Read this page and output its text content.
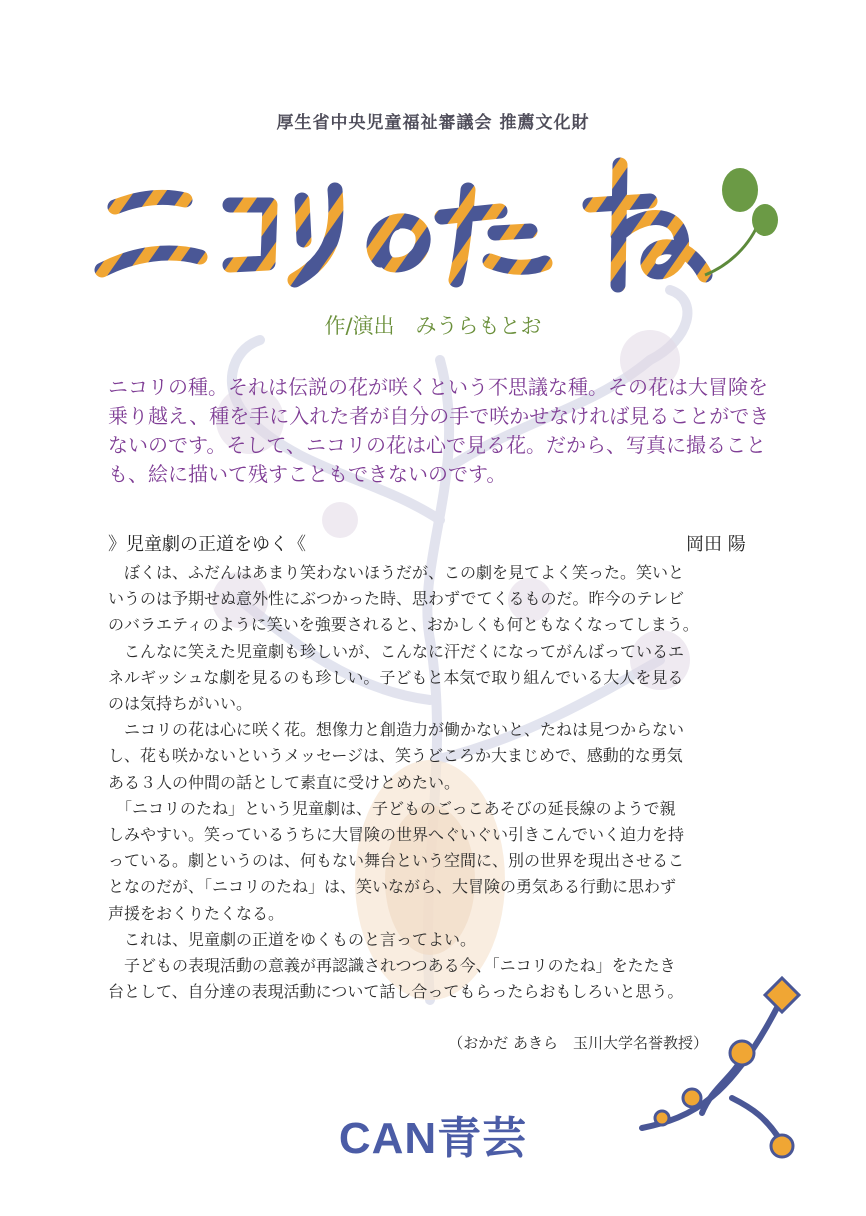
厚生省中央児童福祉審議会 推薦文化財
作/演出　みうらもとお
ニコリの種。それは伝説の花が咲くという不思議な種。その花は大冒険を
乗り越え、種を手に入れた者が自分の手で咲かせなければ見ることができ
ないのです。そして、ニコリの花は心で見る花。だから、写真に撮ること
も、絵に描いて残すこともできないのです。
》児童劇の正道をゆく《	岡田 陽
　ぼくは、ふだんはあまり笑わないほうだが、この劇を見てよく笑った。笑いと
いうのは予期せぬ意外性にぶつかった時、思わずでてくるものだ。昨今のテレビ
のバラエティのように笑いを強要されると、おかしくも何ともなくなってしまう。
　こんなに笑えた児童劇も珍しいが、こんなに汗だくになってがんばっているエ
ネルギッシュな劇を見るのも珍しい。子どもと本気で取り組んでいる大人を見る
のは気持ちがいい。
　ニコリの花は心に咲く花。想像力と創造力が働かないと、たねは見つからない
し、花も咲かないというメッセージは、笑うどころか大まじめで、感動的な勇気
ある３人の仲間の話として素直に受けとめたい。
　「ニコリのたね」という児童劇は、子どものごっこあそびの延長線のようで親
しみやすい。笑っているうちに大冒険の世界へぐいぐい引きこんでいく迫力を持
っている。劇というのは、何もない舞台という空間に、別の世界を現出させるこ
となのだが、「ニコリのたね」は、笑いながら、大冒険の勇気ある行動に思わず
声援をおくりたくなる。
　これは、児童劇の正道をゆくものと言ってよい。
　子どもの表現活動の意義が再認識されつつある今、「ニコリのたね」をたたき
台として、自分達の表現活動について話し合ってもらったらおもしろいと思う。
（おかだ あきら　玉川大学名誉教授）
CAN青芸
